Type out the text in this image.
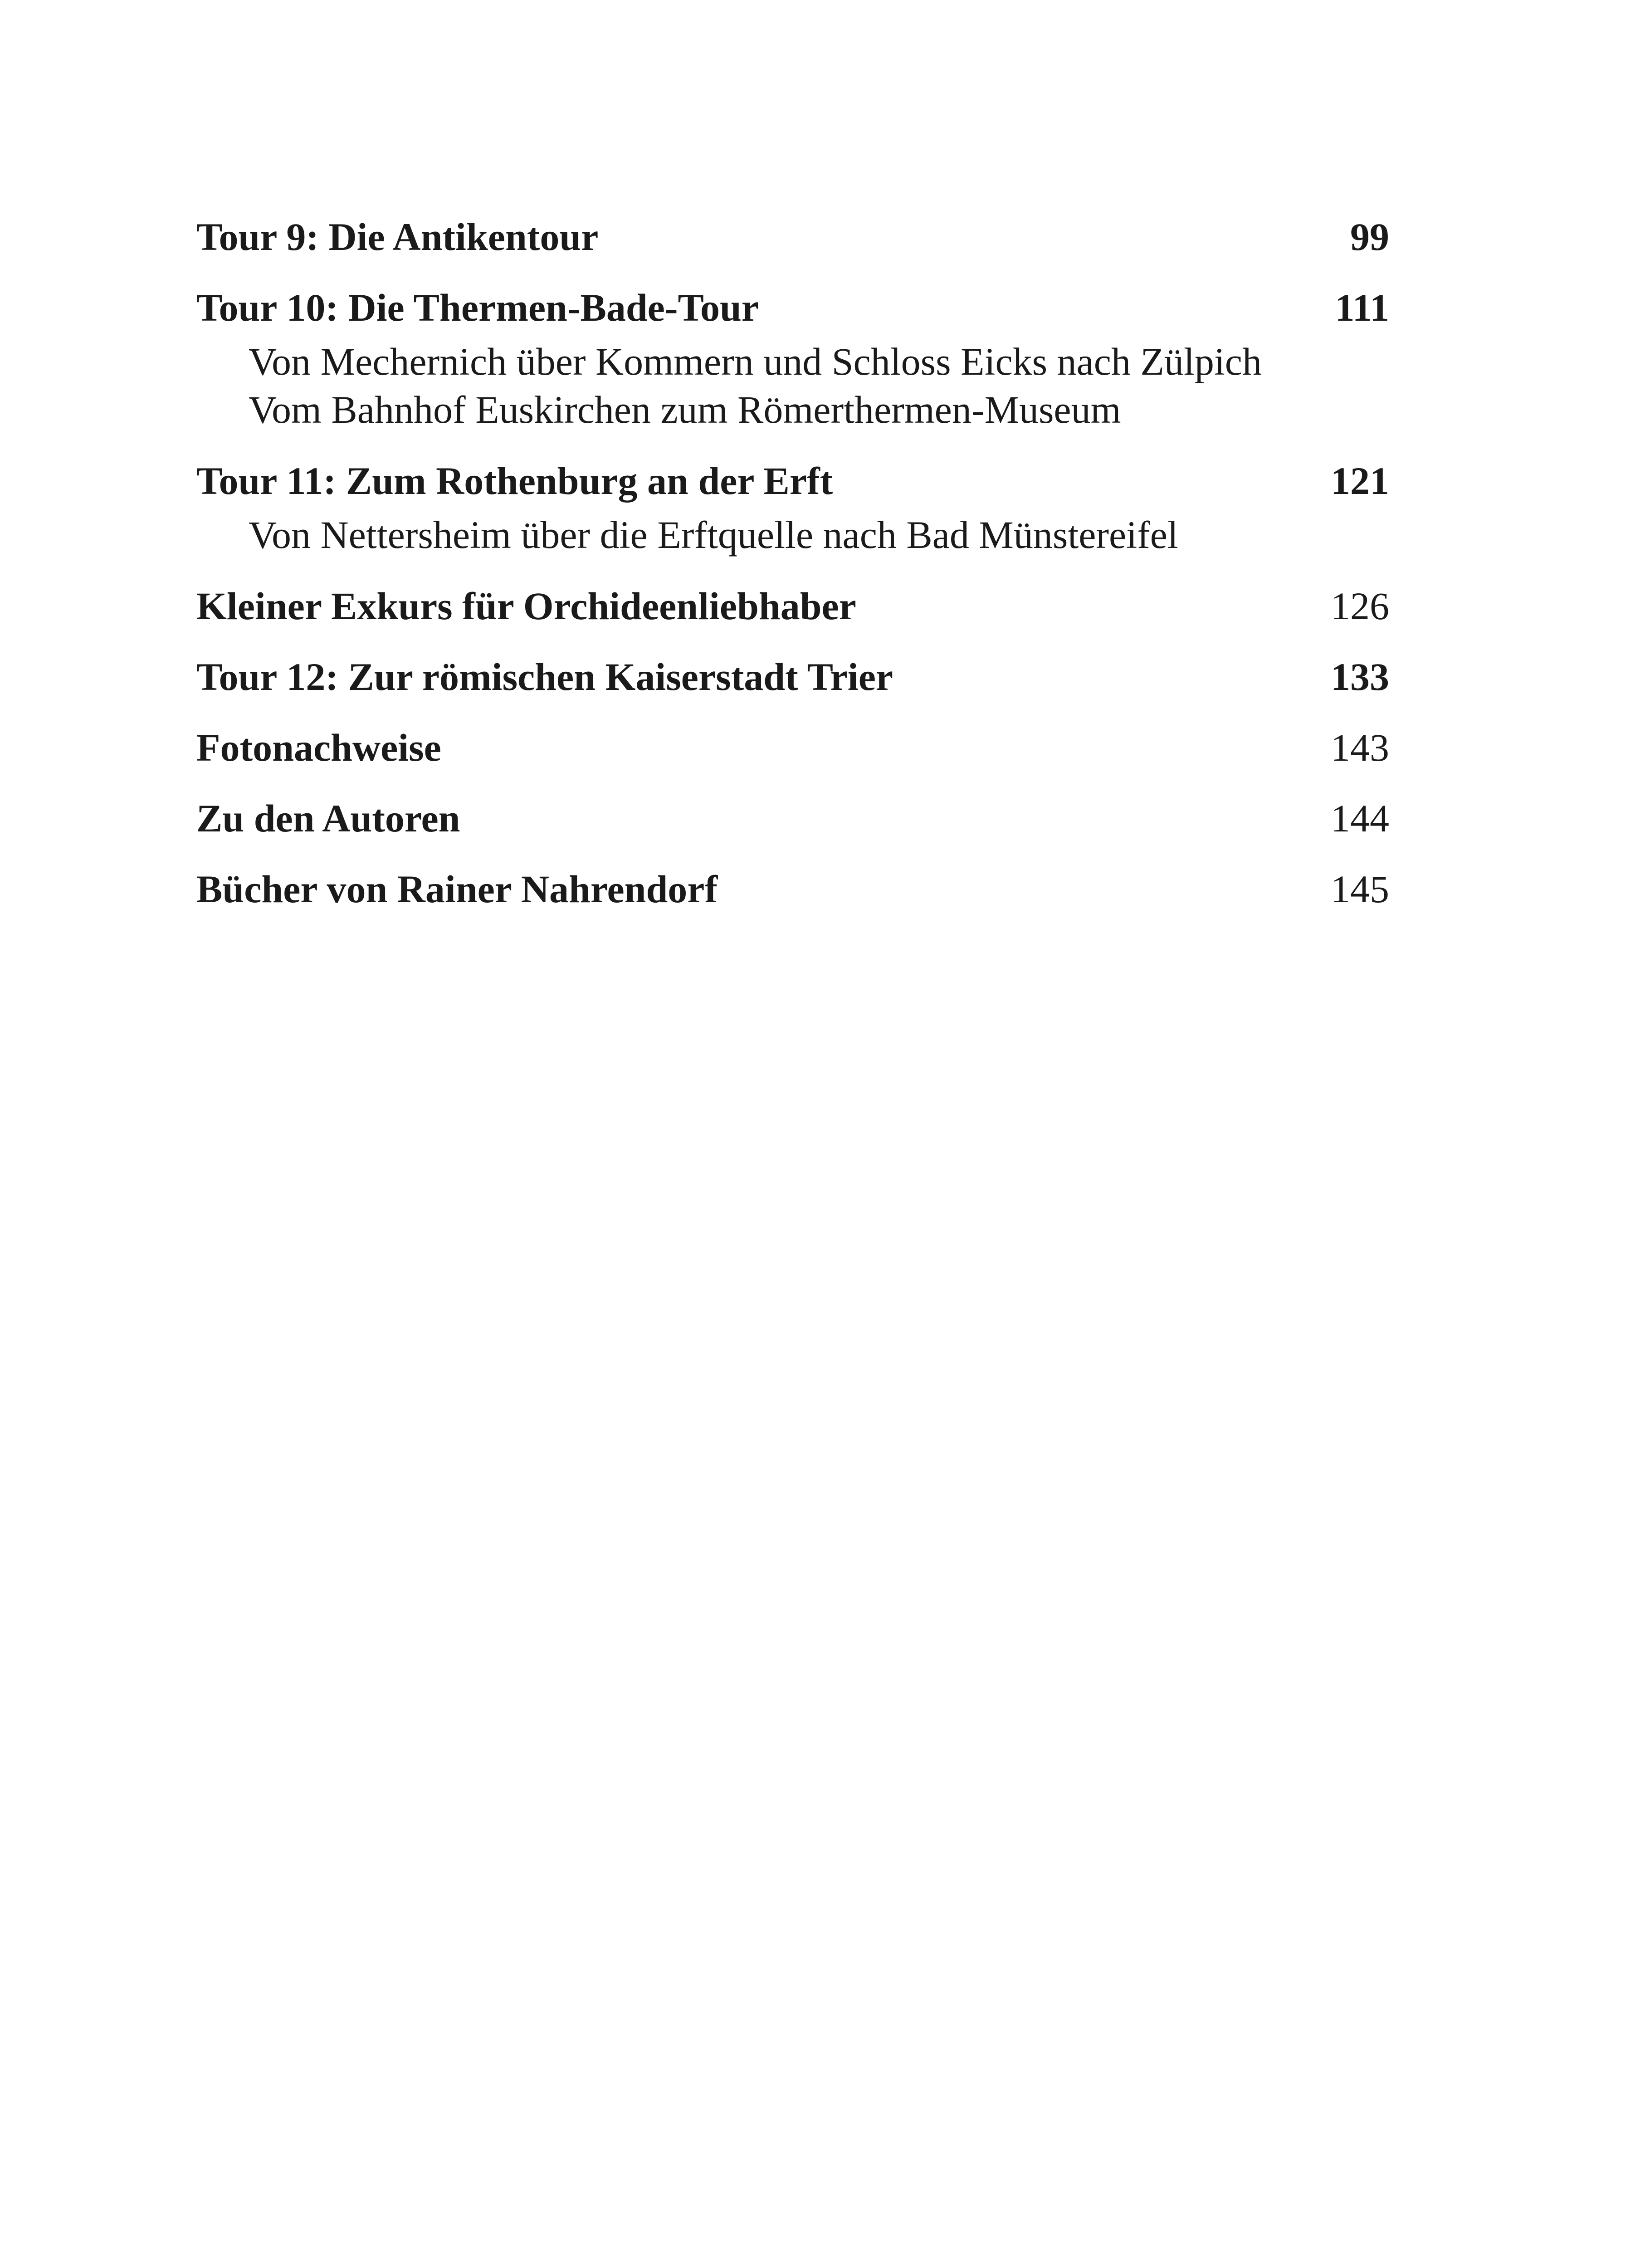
Tour 9: Die Antikentour	99
Tour 10: Die Thermen-Bade-Tour	111
Von Mechernich über Kommern und Schloss Eicks nach Zülpich
Vom Bahnhof Euskirchen zum Römerthermen-Museum
Tour 11: Zum Rothenburg an der Erft	121
Von Nettersheim über die Erftquelle nach Bad Münstereifel
Kleiner Exkurs für Orchideenliebhaber	126
Tour 12: Zur römischen Kaiserstadt Trier	133
Fotonachweise	143
Zu den Autoren	144
Bücher von Rainer Nahrendorf	145
